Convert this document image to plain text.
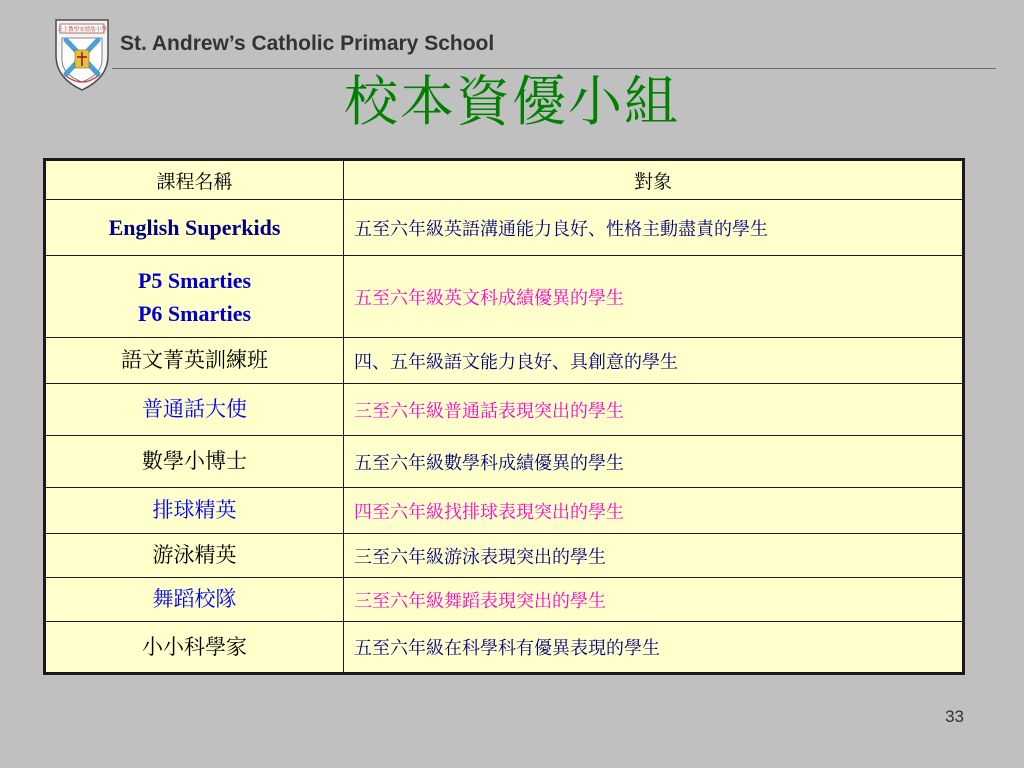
天主教聖安德肋小學
St. Andrew’s Catholic Primary School
校本資優小組
課程名稱	對象

English Superkids	五至六年級英語溝通能力良好、性格主動盡責的學生

P5 Smarties
P6 Smarties	五至六年級英文科成績優異的學生

語文菁英訓練班	四、五年級語文能力良好、具創意的學生

普通話大使	三至六年級普通話表現突出的學生

數學小博士	五至六年級數學科成績優異的學生

排球精英	四至六年級找排球表現突出的學生

游泳精英	三至六年級游泳表現突出的學生

舞蹈校隊	三至六年級舞蹈表現突出的學生

小小科學家	五至六年級在科學科有優異表現的學生
33
